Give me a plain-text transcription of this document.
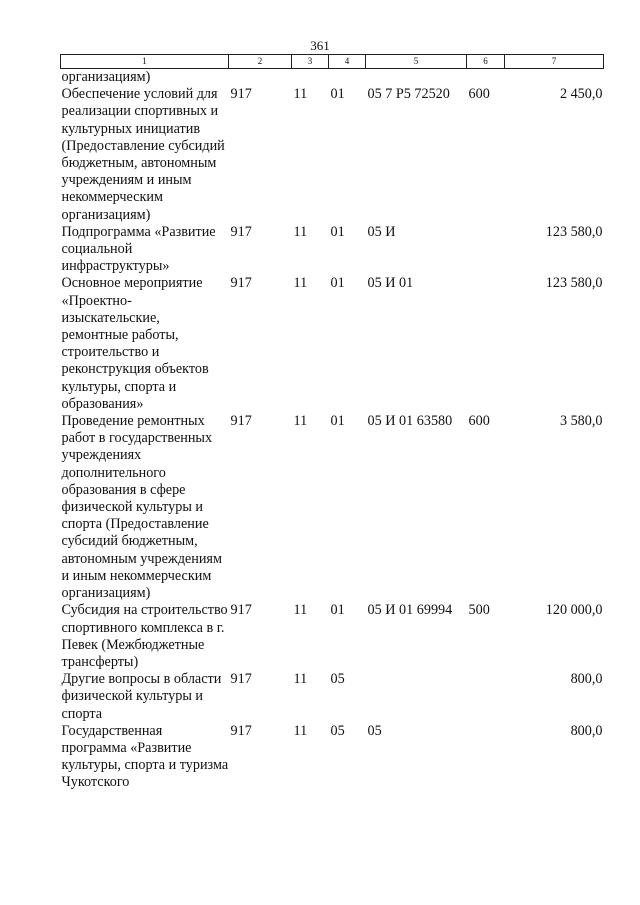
361
1	2	3	4	5	6	7
организациям)						
Обеспечение условий для реализации спортивных и культурных инициатив (Предоставление субсидий бюджетным, автономным учреждениям и иным некоммерческим организациям)	917	11	01	05 7 Р5 72520	600	2 450,0
Подпрограмма «Развитие социальной инфраструктуры»	917	11	01	05 И		123 580,0
Основное мероприятие «Проектно-изыскательские, ремонтные работы, строительство и реконструкция объектов культуры, спорта и образования»	917	11	01	05 И 01		123 580,0
Проведение ремонтных работ в государственных учреждениях дополнительного образования в сфере физической культуры и спорта (Предоставление субсидий бюджетным, автономным учреждениям и иным некоммерческим организациям)	917	11	01	05 И 01 63580	600	3 580,0
Субсидия на строительство спортивного комплекса в г. Певек (Межбюджетные трансферты)	917	11	01	05 И 01 69994	500	120 000,0
Другие вопросы в области физической культуры и спорта	917	11	05			800,0
Государственная программа «Развитие культуры, спорта и туризма Чукотского	917	11	05	05		800,0
